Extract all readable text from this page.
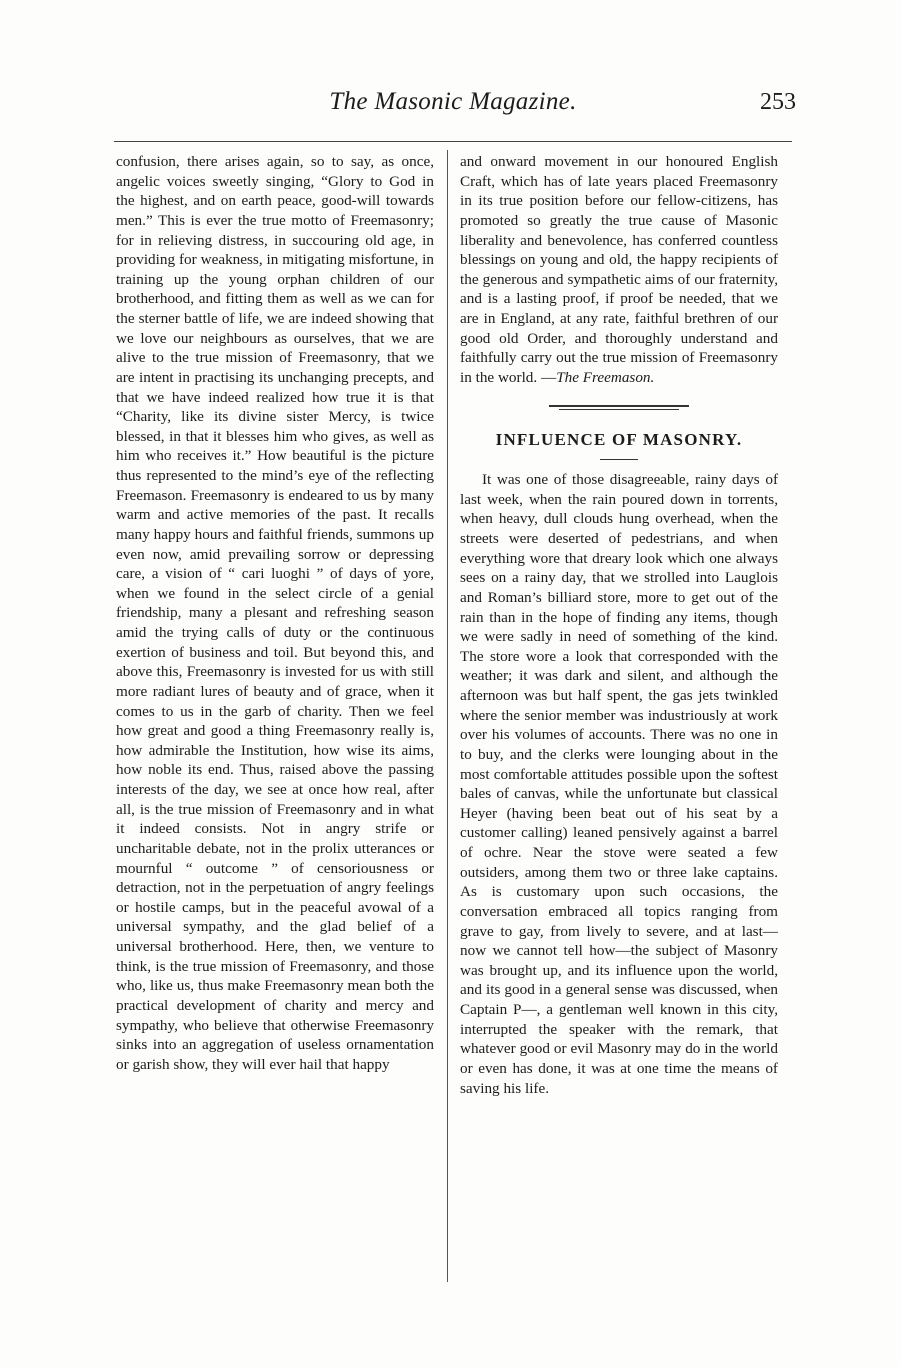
The Masonic Magazine.	253

confusion, there arises again, so to say, as once, angelic voices sweetly singing, “Glory to God in the highest, and on earth peace, good-will towards men.” This is ever the true motto of Freemasonry; for in relieving distress, in succouring old age, in providing for weakness, in mitigating misfortune, in training up the young orphan children of our brotherhood, and fitting them as well as we can for the sterner battle of life, we are indeed showing that we love our neighbours as ourselves, that we are alive to the true mission of Freemasonry, that we are intent in practising its unchanging precepts, and that we have indeed realized how true it is that “Charity, like its divine sister Mercy, is twice blessed, in that it blesses him who gives, as well as him who receives it.” How beautiful is the picture thus represented to the mind’s eye of the reflecting Freemason. Freemasonry is endeared to us by many warm and active memories of the past. It recalls many happy hours and faithful friends, summons up even now, amid prevailing sorrow or depressing care, a vision of “ cari luoghi ” of days of yore, when we found in the select circle of a genial friendship, many a plesant and refreshing season amid the trying calls of duty or the continuous exertion of business and toil. But beyond this, and above this, Freemasonry is invested for us with still more radiant lures of beauty and of grace, when it comes to us in the garb of charity. Then we feel how great and good a thing Freemasonry really is, how admirable the Institution, how wise its aims, how noble its end. Thus, raised above the passing interests of the day, we see at once how real, after all, is the true mission of Freemasonry and in what it indeed consists. Not in angry strife or uncharitable debate, not in the prolix utterances or mournful “ outcome ” of censoriousness or detraction, not in the perpetuation of angry feelings or hostile camps, but in the peaceful avowal of a universal sympathy, and the glad belief of a universal brotherhood. Here, then, we venture to think, is the true mission of Freemasonry, and those who, like us, thus make Freemasonry mean both the practical development of charity and mercy and sympathy, who believe that otherwise Freemasonry sinks into an aggregation of useless ornamentation or garish show, they will ever hail that happy

and onward movement in our honoured English Craft, which has of late years placed Freemasonry in its true position before our fellow-citizens, has promoted so greatly the true cause of Masonic liberality and benevolence, has conferred countless blessings on young and old, the happy recipients of the generous and sympathetic aims of our fraternity, and is a lasting proof, if proof be needed, that we are in England, at any rate, faithful brethren of our good old Order, and thoroughly understand and faithfully carry out the true mission of Freemasonry in the world. —The Freemason.

INFLUENCE OF MASONRY.

It was one of those disagreeable, rainy days of last week, when the rain poured down in torrents, when heavy, dull clouds hung overhead, when the streets were deserted of pedestrians, and when everything wore that dreary look which one always sees on a rainy day, that we strolled into Lauglois and Roman’s billiard store, more to get out of the rain than in the hope of finding any items, though we were sadly in need of something of the kind. The store wore a look that corresponded with the weather; it was dark and silent, and although the afternoon was but half spent, the gas jets twinkled where the senior member was industriously at work over his volumes of accounts. There was no one in to buy, and the clerks were lounging about in the most comfortable attitudes possible upon the softest bales of canvas, while the unfortunate but classical Heyer (having been beat out of his seat by a customer calling) leaned pensively against a barrel of ochre. Near the stove were seated a few outsiders, among them two or three lake captains. As is customary upon such occasions, the conversation embraced all topics ranging from grave to gay, from lively to severe, and at last—now we cannot tell how—the subject of Masonry was brought up, and its influence upon the world, and its good in a general sense was discussed, when Captain P—, a gentleman well known in this city, interrupted the speaker with the remark, that whatever good or evil Masonry may do in the world or even has done, it was at one time the means of saving his life.
